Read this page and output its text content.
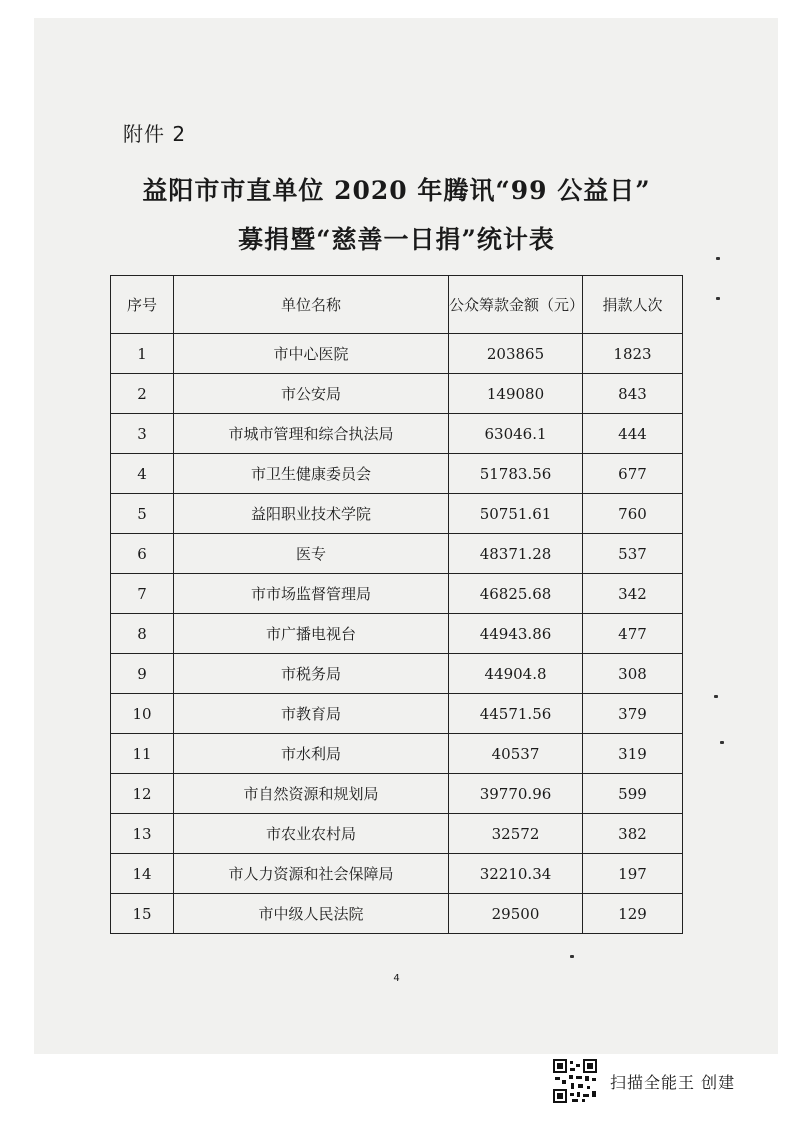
附件 2
益阳市市直单位 2020 年腾讯“99 公益日”
募捐暨“慈善一日捐”统计表
序号	单位名称	公众筹款金额（元）	捐款人次
1	市中心医院	203865	1823
2	市公安局	149080	843
3	市城市管理和综合执法局	63046.1	444
4	市卫生健康委员会	51783.56	677
5	益阳职业技术学院	50751.61	760
6	医专	48371.28	537
7	市市场监督管理局	46825.68	342
8	市广播电视台	44943.86	477
9	市税务局	44904.8	308
10	市教育局	44571.56	379
11	市水利局	40537	319
12	市自然资源和规划局	39770.96	599
13	市农业农村局	32572	382
14	市人力资源和社会保障局	32210.34	197
15	市中级人民法院	29500	129
4
扫描全能王 创建
